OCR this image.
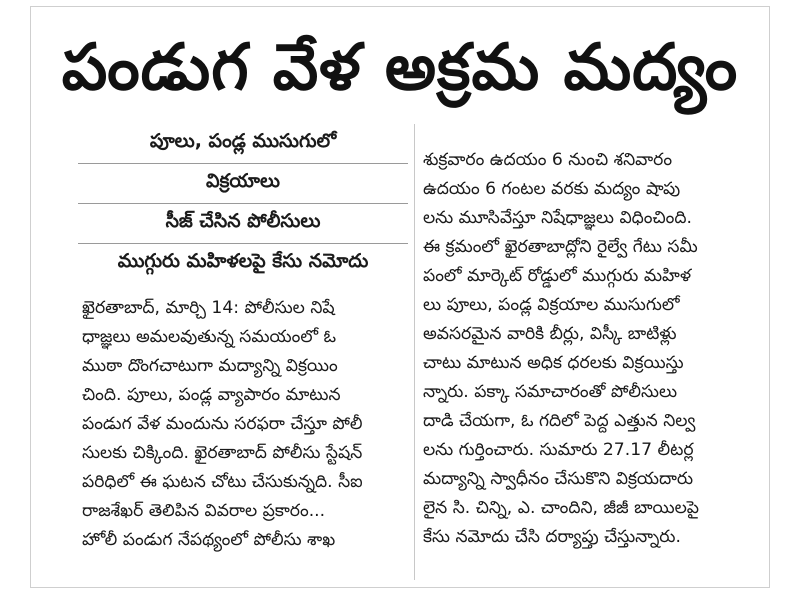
పండుగ వేళ అక్రమ మద్యం
పూలు, పండ్ల ముసుగులో
విక్రయాలు
సీజ్‌ చేసిన పోలీసులు
ముగ్గురు మహిళలపై కేసు నమోదు
ఖైరతాబాద్‌, మార్చి 14: పోలీసుల నిషే
ధాజ్ఞలు అమలవుతున్న సమయంలో ఓ
ముఠా దొంగచాటుగా మద్యాన్ని విక్రయిం
చింది. పూలు, పండ్ల వ్యాపారం మాటున
పండుగ వేళ మందును సరఫరా చేస్తూ పోలీ
సులకు చిక్కింది. ఖైరతాబాద్‌ పోలీసు స్టేషన్‌
పరిధిలో ఈ ఘటన చోటు చేసుకున్నది. సీఐ
రాజశేఖర్‌ తెలిపిన వివరాల ప్రకారం...
హోలీ పండుగ నేపథ్యంలో పోలీసు శాఖ
శుక్రవారం ఉదయం 6 నుంచి శనివారం
ఉదయం 6 గంటల వరకు మద్యం షాపు
లను మూసివేస్తూ నిషేధాజ్ఞలు విధించింది.
ఈ క్రమంలో ఖైరతాబాద్లోని రైల్వే గేటు సమీ
పంలో మార్కెట్‌ రోడ్డులో ముగ్గురు మహిళ
లు పూలు, పండ్ల విక్రయాల ముసుగులో
అవసరమైన వారికి బీర్లు, విస్కీ బాటిళ్లు
చాటు మాటున అధిక ధరలకు విక్రయిస్తు
న్నారు. పక్కా సమాచారంతో పోలీసులు
దాడి చేయగా, ఓ గదిలో పెద్ద ఎత్తున నిల్వ
లను గుర్తించారు. సుమారు 27.17 లీటర్ల
మద్యాన్ని స్వాధీనం చేసుకొని విక్రయదారు
లైన సి. చిన్ని, ఎ. చాందిని, జీజీ బాయిలపై
కేసు నమోదు చేసి దర్యాప్తు చేస్తున్నారు.
